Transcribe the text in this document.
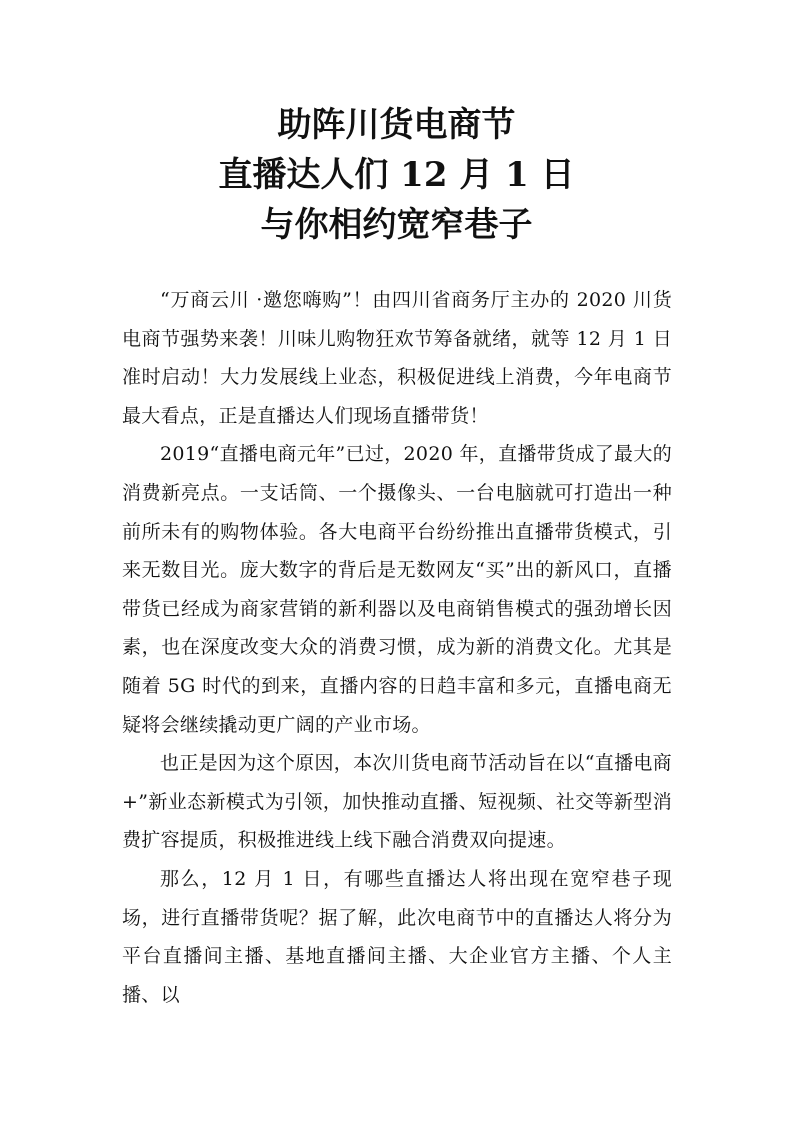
助阵川货电商节
直播达人们 12 月 1 日
与你相约宽窄巷子

“万商云川 ·邀您嗨购”！由四川省商务厅主办的 2020 川货电商节强势来袭！川味儿购物狂欢节筹备就绪，就等 12 月 1 日准时启动！大力发展线上业态，积极促进线上消费，今年电商节最大看点，正是直播达人们现场直播带货！

2019“直播电商元年”已过，2020 年，直播带货成了最大的消费新亮点。一支话筒、一个摄像头、一台电脑就可打造出一种前所未有的购物体验。各大电商平台纷纷推出直播带货模式，引来无数目光。庞大数字的背后是无数网友“买”出的新风口，直播带货已经成为商家营销的新利器以及电商销售模式的强劲增长因素，也在深度改变大众的消费习惯，成为新的消费文化。尤其是随着 5G 时代的到来，直播内容的日趋丰富和多元，直播电商无疑将会继续撬动更广阔的产业市场。

也正是因为这个原因，本次川货电商节活动旨在以“直播电商+”新业态新模式为引领，加快推动直播、短视频、社交等新型消费扩容提质，积极推进线上线下融合消费双向提速。

那么，12 月 1 日，有哪些直播达人将出现在宽窄巷子现场，进行直播带货呢？据了解，此次电商节中的直播达人将分为平台直播间主播、基地直播间主播、大企业官方主播、个人主播、以
